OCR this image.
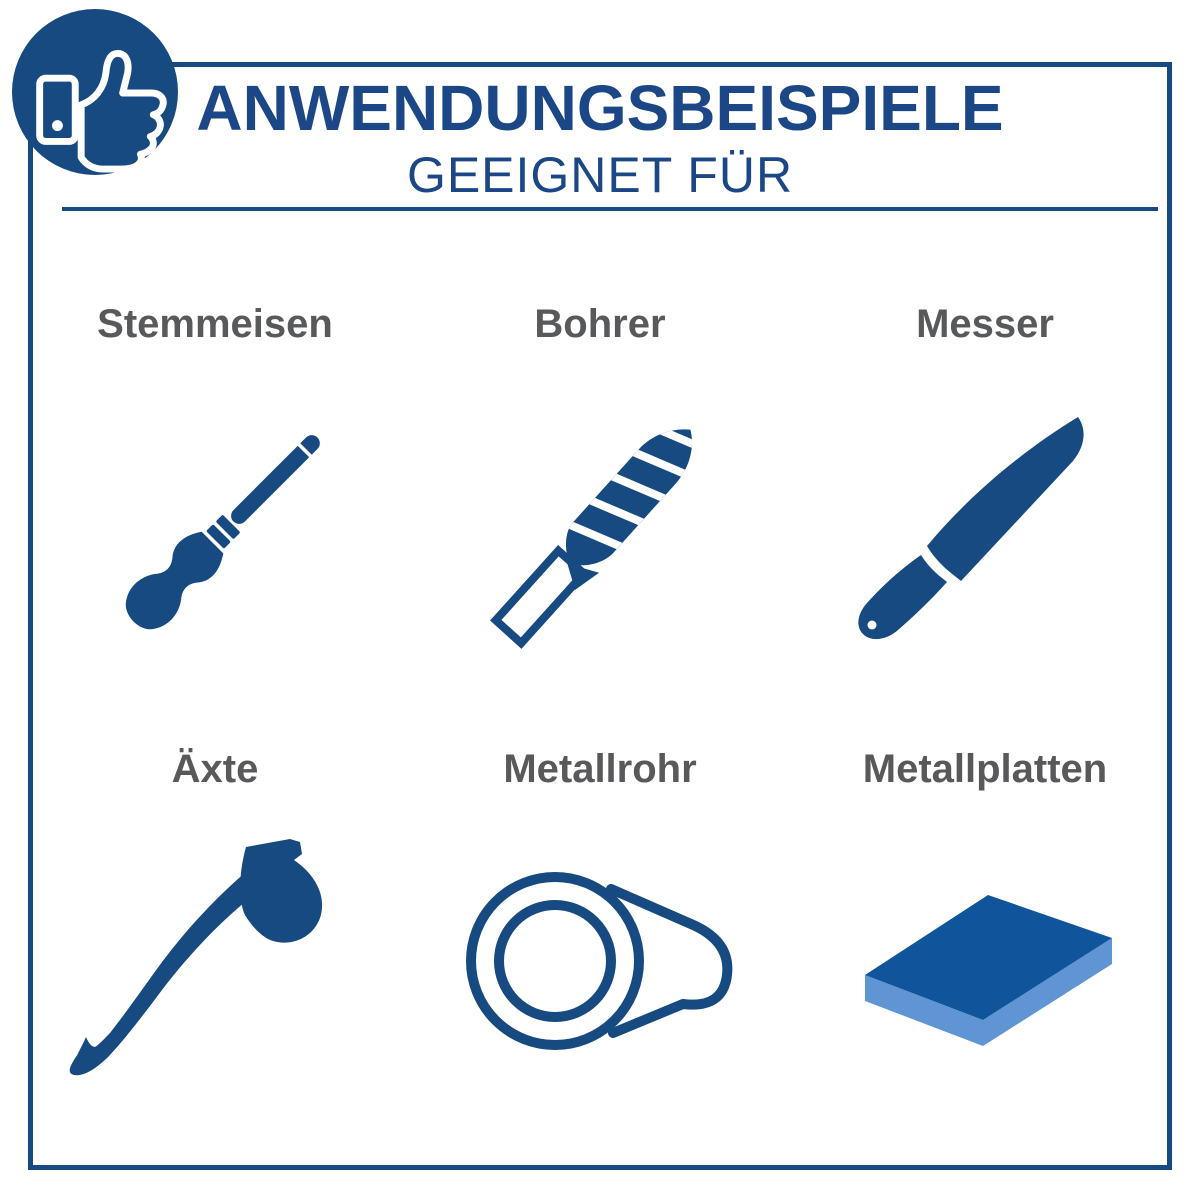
ANWENDUNGSBEISPIELE
GEEIGNET FÜR
Stemmeisen	Bohrer	Messer
Äxte	Metallrohr	Metallplatten
